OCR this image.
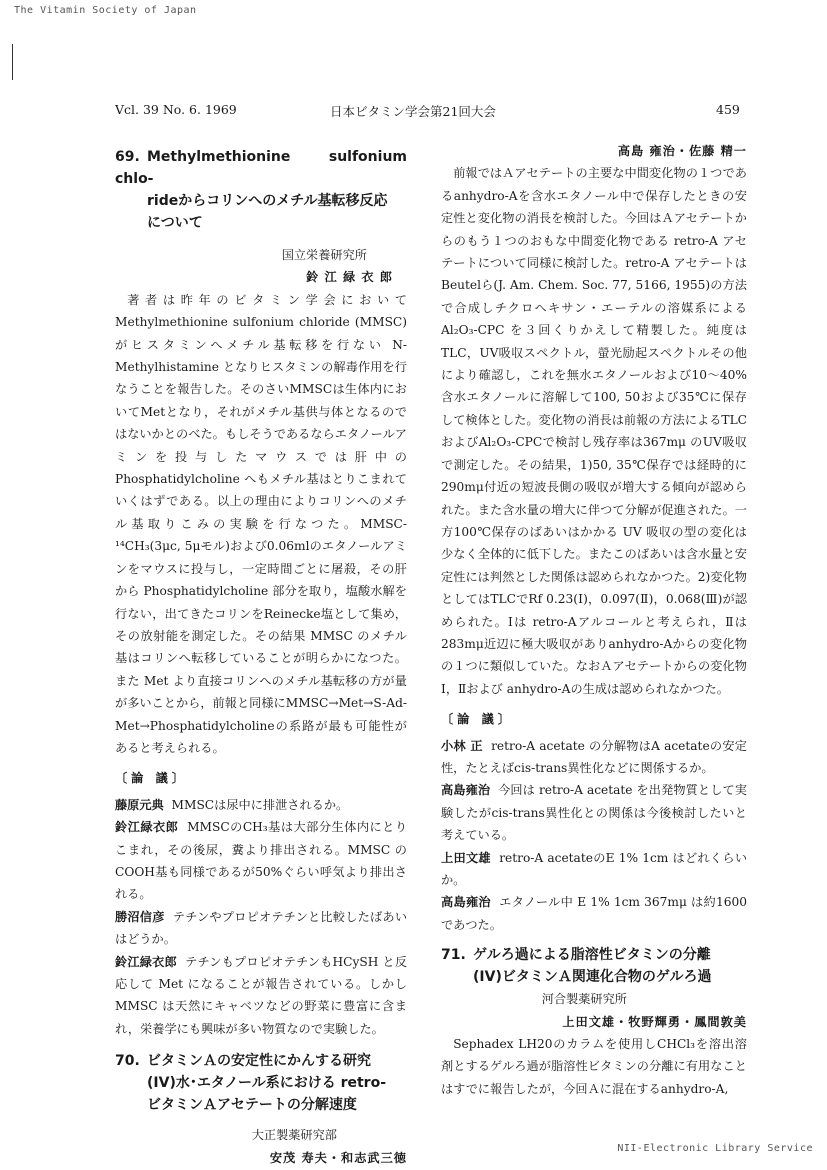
The Vitamin Society of Japan
NII-Electronic Library Service
Vcl. 39 No. 6. 1969	日本ビタミン学会第21回大会	459
69. Methylmethionine sulfonium chlo-
rideからコリンへのメチル基転移反応
について
国立栄養研究所
鈴 江 緑 衣 郎

著者は昨年のビタミン学会において Methylmethionine sulfonium chloride (MMSC) がヒスタミンへメチル基転移を行ない N-Methylhistamine となりヒスタミンの解毒作用を行なうことを報告した。そのさいMMSCは生体内においてMetとなり，それがメチル基供与体となるのではないかとのべた。もしそうであるならエタノールアミンを投与したマウスでは肝中のPhosphatidylcholine へもメチル基はとりこまれていくはずである。以上の理由によりコリンへのメチル基取りこみの実験を行なつた。MMSC-¹⁴CH₃(3μc, 5μモル)および0.06mlのエタノールアミンをマウスに投与し，一定時間ごとに屠殺，その肝から Phosphatidylcholine 部分を取り，塩酸水解を行ない，出てきたコリンをReinecke塩として集め，その放射能を測定した。その結果 MMSC のメチル基はコリンへ転移していることが明らかになつた。また Met より直接コリンへのメチル基転移の方が量が多いことから，前報と同様にMMSC→Met→S-Ad-Met→Phosphatidylcholineの系路が最も可能性があると考えられる。

〔論 議〕

藤原元典 MMSCは尿中に排泄されるか。

鈴江緑衣郎 MMSCのCH₃基は大部分生体内にとりこまれ，その後尿，糞より排出される。MMSC のCOOH基も同様であるが50%ぐらい呼気より排出される。

勝沼信彦 テチンやプロピオテチンと比較したばあいはどうか。

鈴江緑衣郎 テチンもプロピオテチンもHCySH と反応して Met になることが報告されている。しかしMMSC は天然にキャベツなどの野菜に豊富に含まれ，栄養学にも興味が多い物質なので実験した。

70. ビタミンＡの安定性にかんする研究
(IV)水･エタノール系における retro-
ビタミンＡアセテートの分解速度
大正製薬研究部
安茂 寿夫・和志武三徳
高島 雍治・佐藤 精一

前報ではＡアセテートの主要な中間変化物の１つであるanhydro-Aを含水エタノール中で保存したときの安定性と変化物の消長を検討した。今回はＡアセテートからのもう１つのおもな中間変化物である retro-A アセテートについて同様に検討した。retro-A アセテートはBeutelら(J. Am. Chem. Soc. 77, 5166, 1955)の方法で合成しチクロヘキサン・エーテルの溶媒系による Al₂O₃-CPC を３回くりかえして精製した。純度はTLC，UV吸収スペクトル，螢光励起スペクトルその他により確認し，これを無水エタノールおよび10～40%含水エタノールに溶解して100, 50および35℃に保存して検体とした。変化物の消長は前報の方法によるTLCおよびAl₂O₃-CPCで検討し残存率は367mμ のUV吸収で測定した。その結果，1)50, 35℃保存では経時的に290mμ付近の短波長側の吸収が増大する傾向が認められた。また含水量の増大に伴つて分解が促進された。一方100℃保存のばあいはかかる UV 吸収の型の変化は少なく全体的に低下した。またこのばあいは含水量と安定性には判然とした関係は認められなかつた。2)変化物としてはTLCでRf 0.23(Ⅰ)，0.097(Ⅱ)，0.068(Ⅲ)が認められた。Ⅰは retro-Aアルコールと考えられ，Ⅱは283mμ近辺に極大吸収がありanhydro-Aからの変化物の１つに類似していた。なおＡアセテートからの変化物Ⅰ，Ⅱおよび anhydro-Aの生成は認められなかつた。

〔論 議〕

小林 正 retro-A acetate の分解物はA acetateの安定性，たとえばcis-trans異性化などに関係するか。

高島雍治 今回は retro-A acetate を出発物質として実験したがcis-trans異性化との関係は今後検討したいと考えている。

上田文雄 retro-A acetateのE 1% 1cm はどれくらいか。

高島雍治 エタノール中 E 1% 1cm 367mμ は約1600であつた。

71. ゲルろ過による脂溶性ビタミンの分離
(IV)ビタミンＡ関連化合物のゲルろ過
河合製薬研究所
上田文雄・牧野輝勇・鳳間敦美

Sephadex LH20のカラムを使用しCHCl₃を溶出溶剤とするゲルろ過が脂溶性ビタミンの分離に有用なことはすでに報告したが，今回Ａに混在するanhydro-A,
